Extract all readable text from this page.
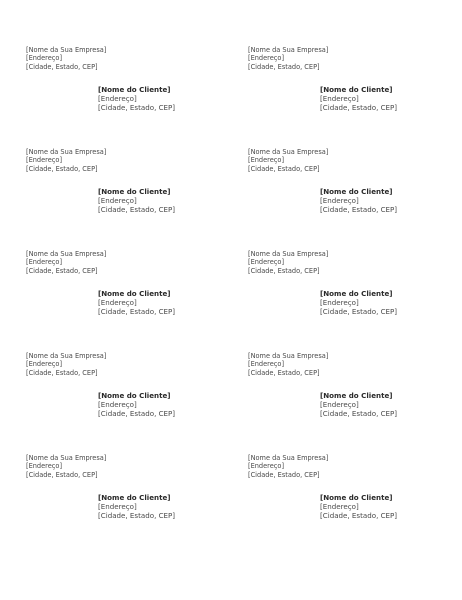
[Nome da Sua Empresa]
[Endereço]
[Cidade, Estado, CEP]
[Nome do Cliente]
[Endereço]
[Cidade, Estado, CEP]
[Nome da Sua Empresa]
[Endereço]
[Cidade, Estado, CEP]
[Nome do Cliente]
[Endereço]
[Cidade, Estado, CEP]
[Nome da Sua Empresa]
[Endereço]
[Cidade, Estado, CEP]
[Nome do Cliente]
[Endereço]
[Cidade, Estado, CEP]
[Nome da Sua Empresa]
[Endereço]
[Cidade, Estado, CEP]
[Nome do Cliente]
[Endereço]
[Cidade, Estado, CEP]
[Nome da Sua Empresa]
[Endereço]
[Cidade, Estado, CEP]
[Nome do Cliente]
[Endereço]
[Cidade, Estado, CEP]
[Nome da Sua Empresa]
[Endereço]
[Cidade, Estado, CEP]
[Nome do Cliente]
[Endereço]
[Cidade, Estado, CEP]
[Nome da Sua Empresa]
[Endereço]
[Cidade, Estado, CEP]
[Nome do Cliente]
[Endereço]
[Cidade, Estado, CEP]
[Nome da Sua Empresa]
[Endereço]
[Cidade, Estado, CEP]
[Nome do Cliente]
[Endereço]
[Cidade, Estado, CEP]
[Nome da Sua Empresa]
[Endereço]
[Cidade, Estado, CEP]
[Nome do Cliente]
[Endereço]
[Cidade, Estado, CEP]
[Nome da Sua Empresa]
[Endereço]
[Cidade, Estado, CEP]
[Nome do Cliente]
[Endereço]
[Cidade, Estado, CEP]
